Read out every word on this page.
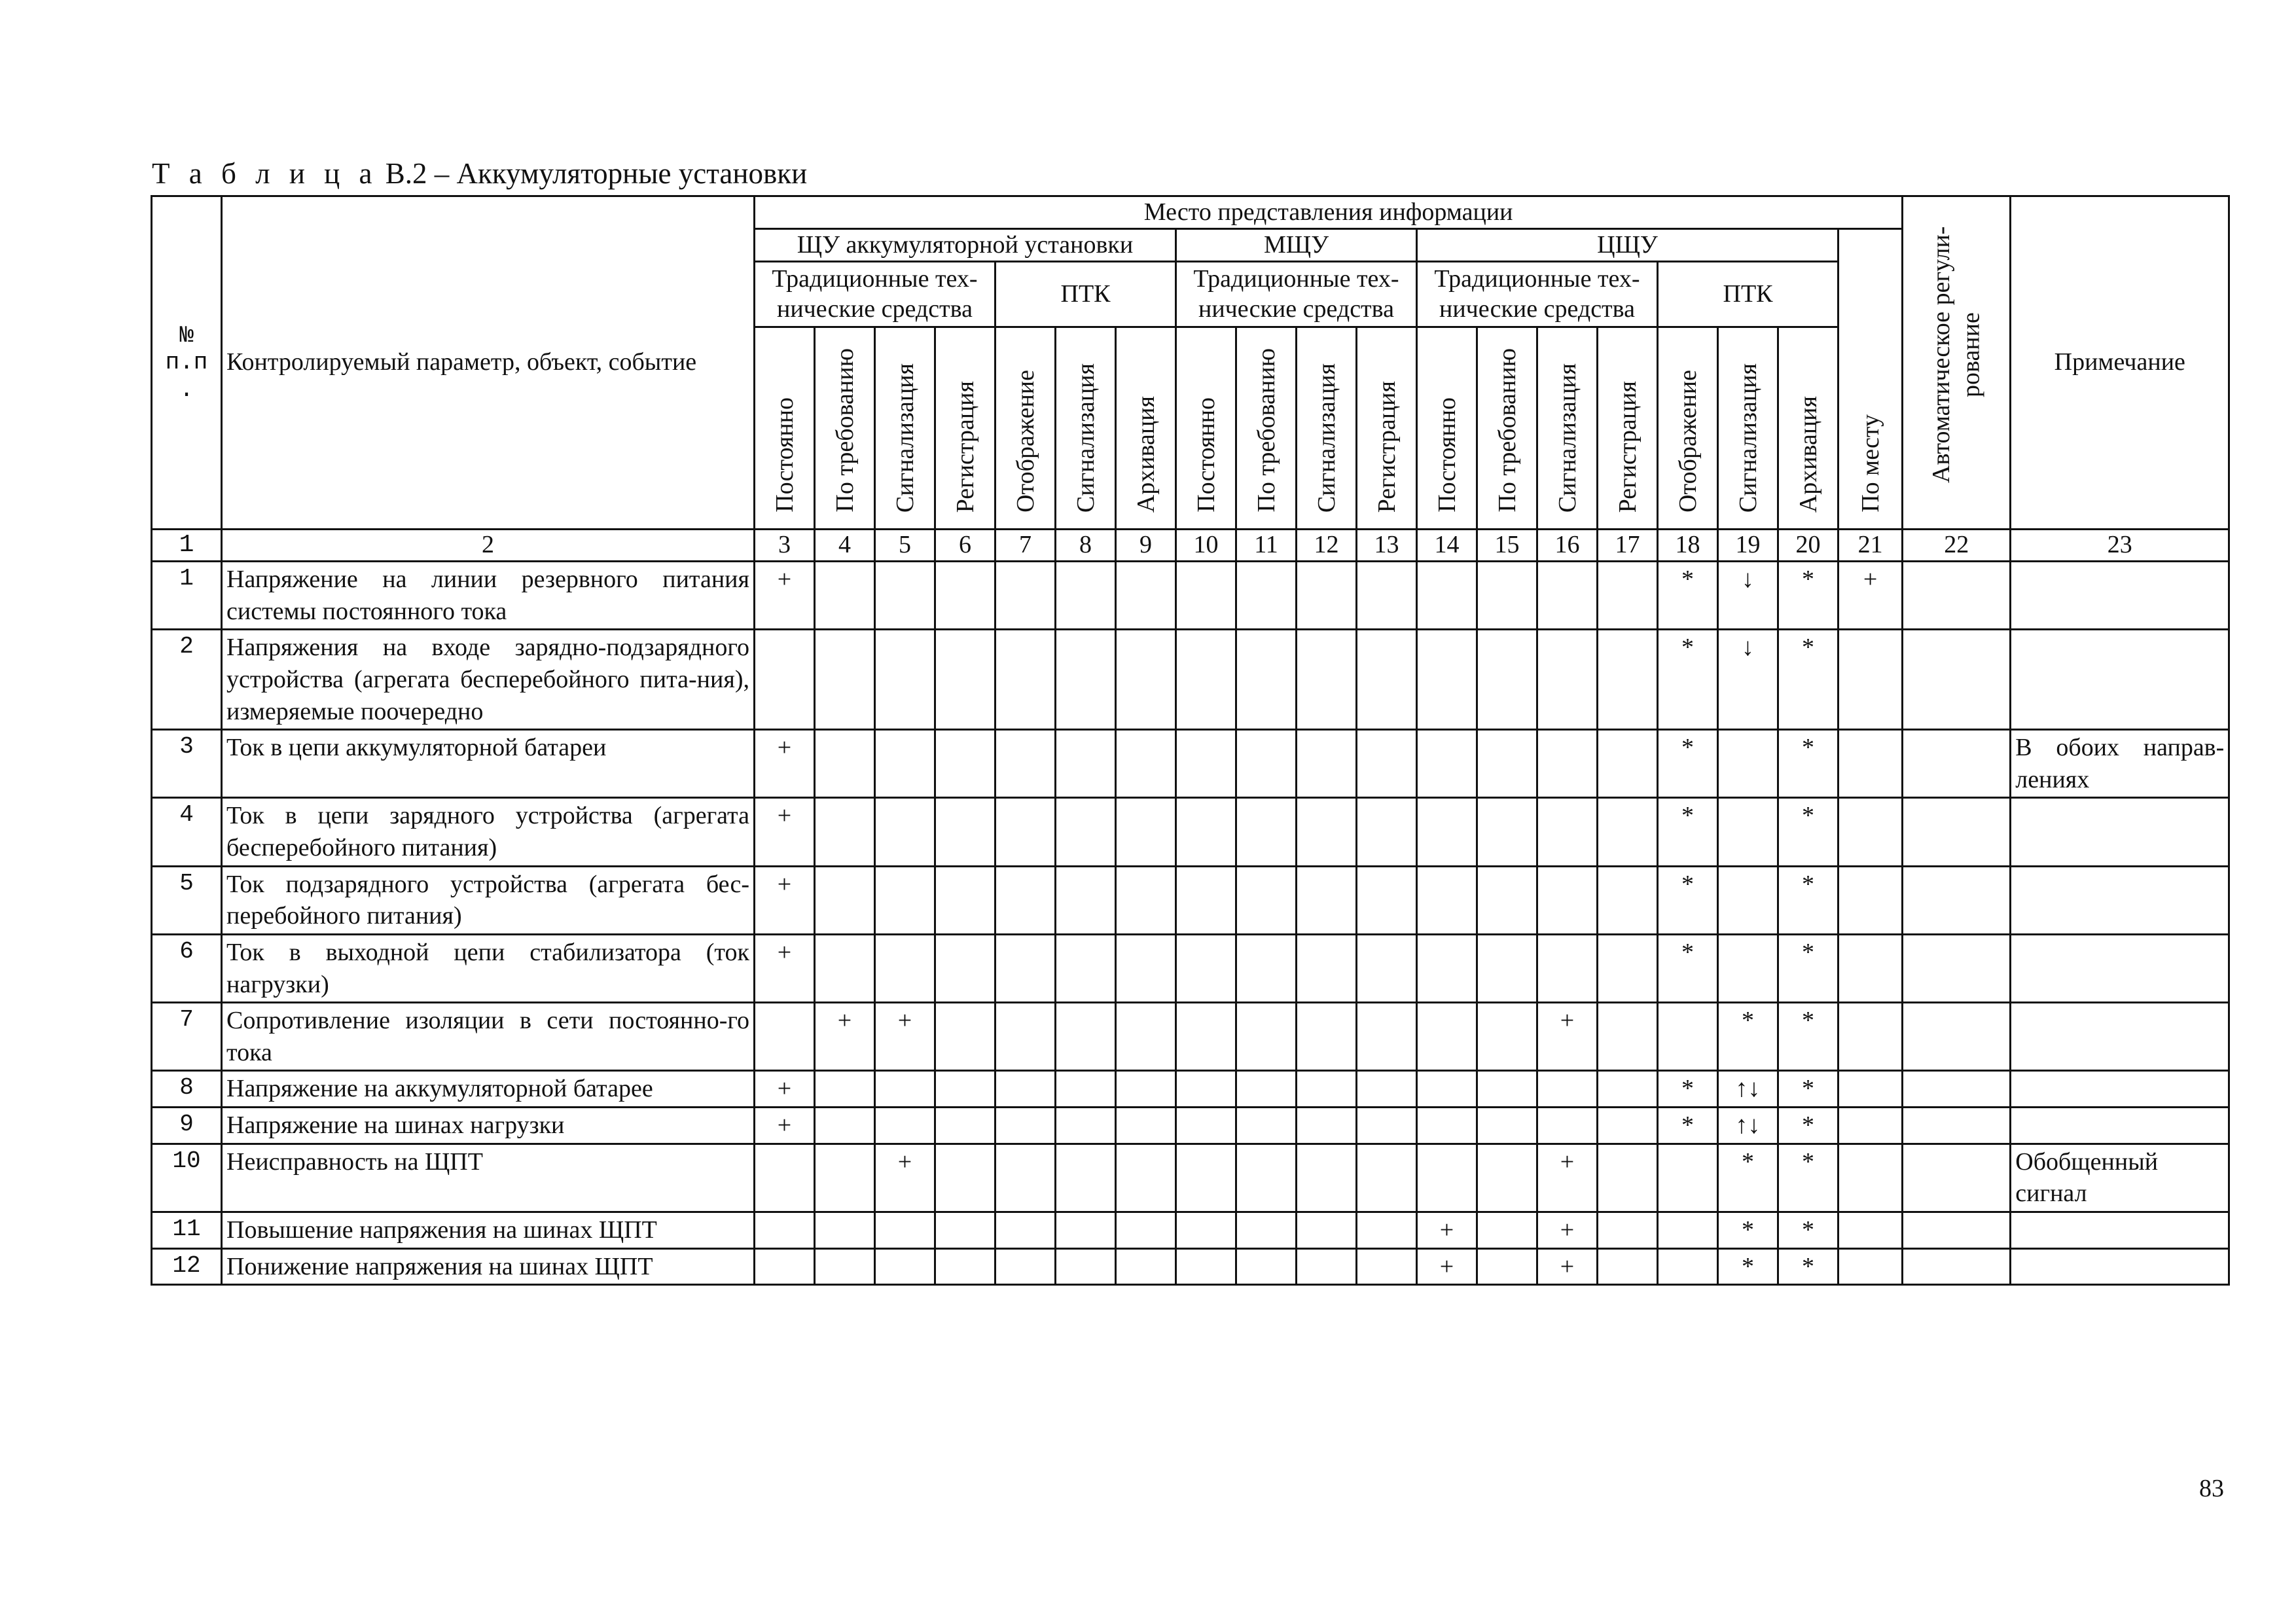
Т а б л и ц а В.2 – Аккумуляторные установки
№
п.п
.	Контролируемый параметр, объект, событие	Место представления информации																			Автоматическое регули-рование	Примечание
		ЩУ аккумуляторной установки							МЩУ				ЦЩУ							По месту		
		Традиционные тех-нические средства				ПТК			Традиционные тех-нические средства				Традиционные тех-нические средства				ПТК					
		Постоянно	По требованию	Сигнализация	Регистрация	Отображение	Сигнализация	Архивация	Постоянно	По требованию	Сигнализация	Регистрация	Постоянно	По требованию	Сигнализация	Регистрация	Отображение	Сигнализация	Архивация			
1	2	3	4	5	6	7	8	9	10	11	12	13	14	15	16	17	18	19	20	21	22	23
1	Напряжение на линии резервного питания системы постоянного тока	+															*	↓	*	+		
2	Напряжения на входе зарядно-подзарядного устройства (агрегата бесперебойного пита-ния), измеряемые поочередно																*	↓	*			
3	Ток в цепи аккумуляторной батареи	+															*		*			В обоих направ-лениях
4	Ток в цепи зарядного устройства (агрегата бесперебойного питания)	+															*		*			
5	Ток подзарядного устройства (агрегата бес-перебойного питания)	+															*		*			
6	Ток в выходной цепи стабилизатора (ток нагрузки)	+															*		*			
7	Сопротивление изоляции в сети постоянно-го тока		+	+											+			*	*			
8	Напряжение на аккумуляторной батарее	+															*	↑↓	*			
9	Напряжение на шинах нагрузки	+															*	↑↓	*			
10	Неисправность на ЩПТ			+											+			*	*			Обобщенный сигнал
11	Повышение напряжения на шинах ЩПТ												+		+			*	*			
12	Понижение напряжения на шинах ЩПТ												+		+			*	*			
83
